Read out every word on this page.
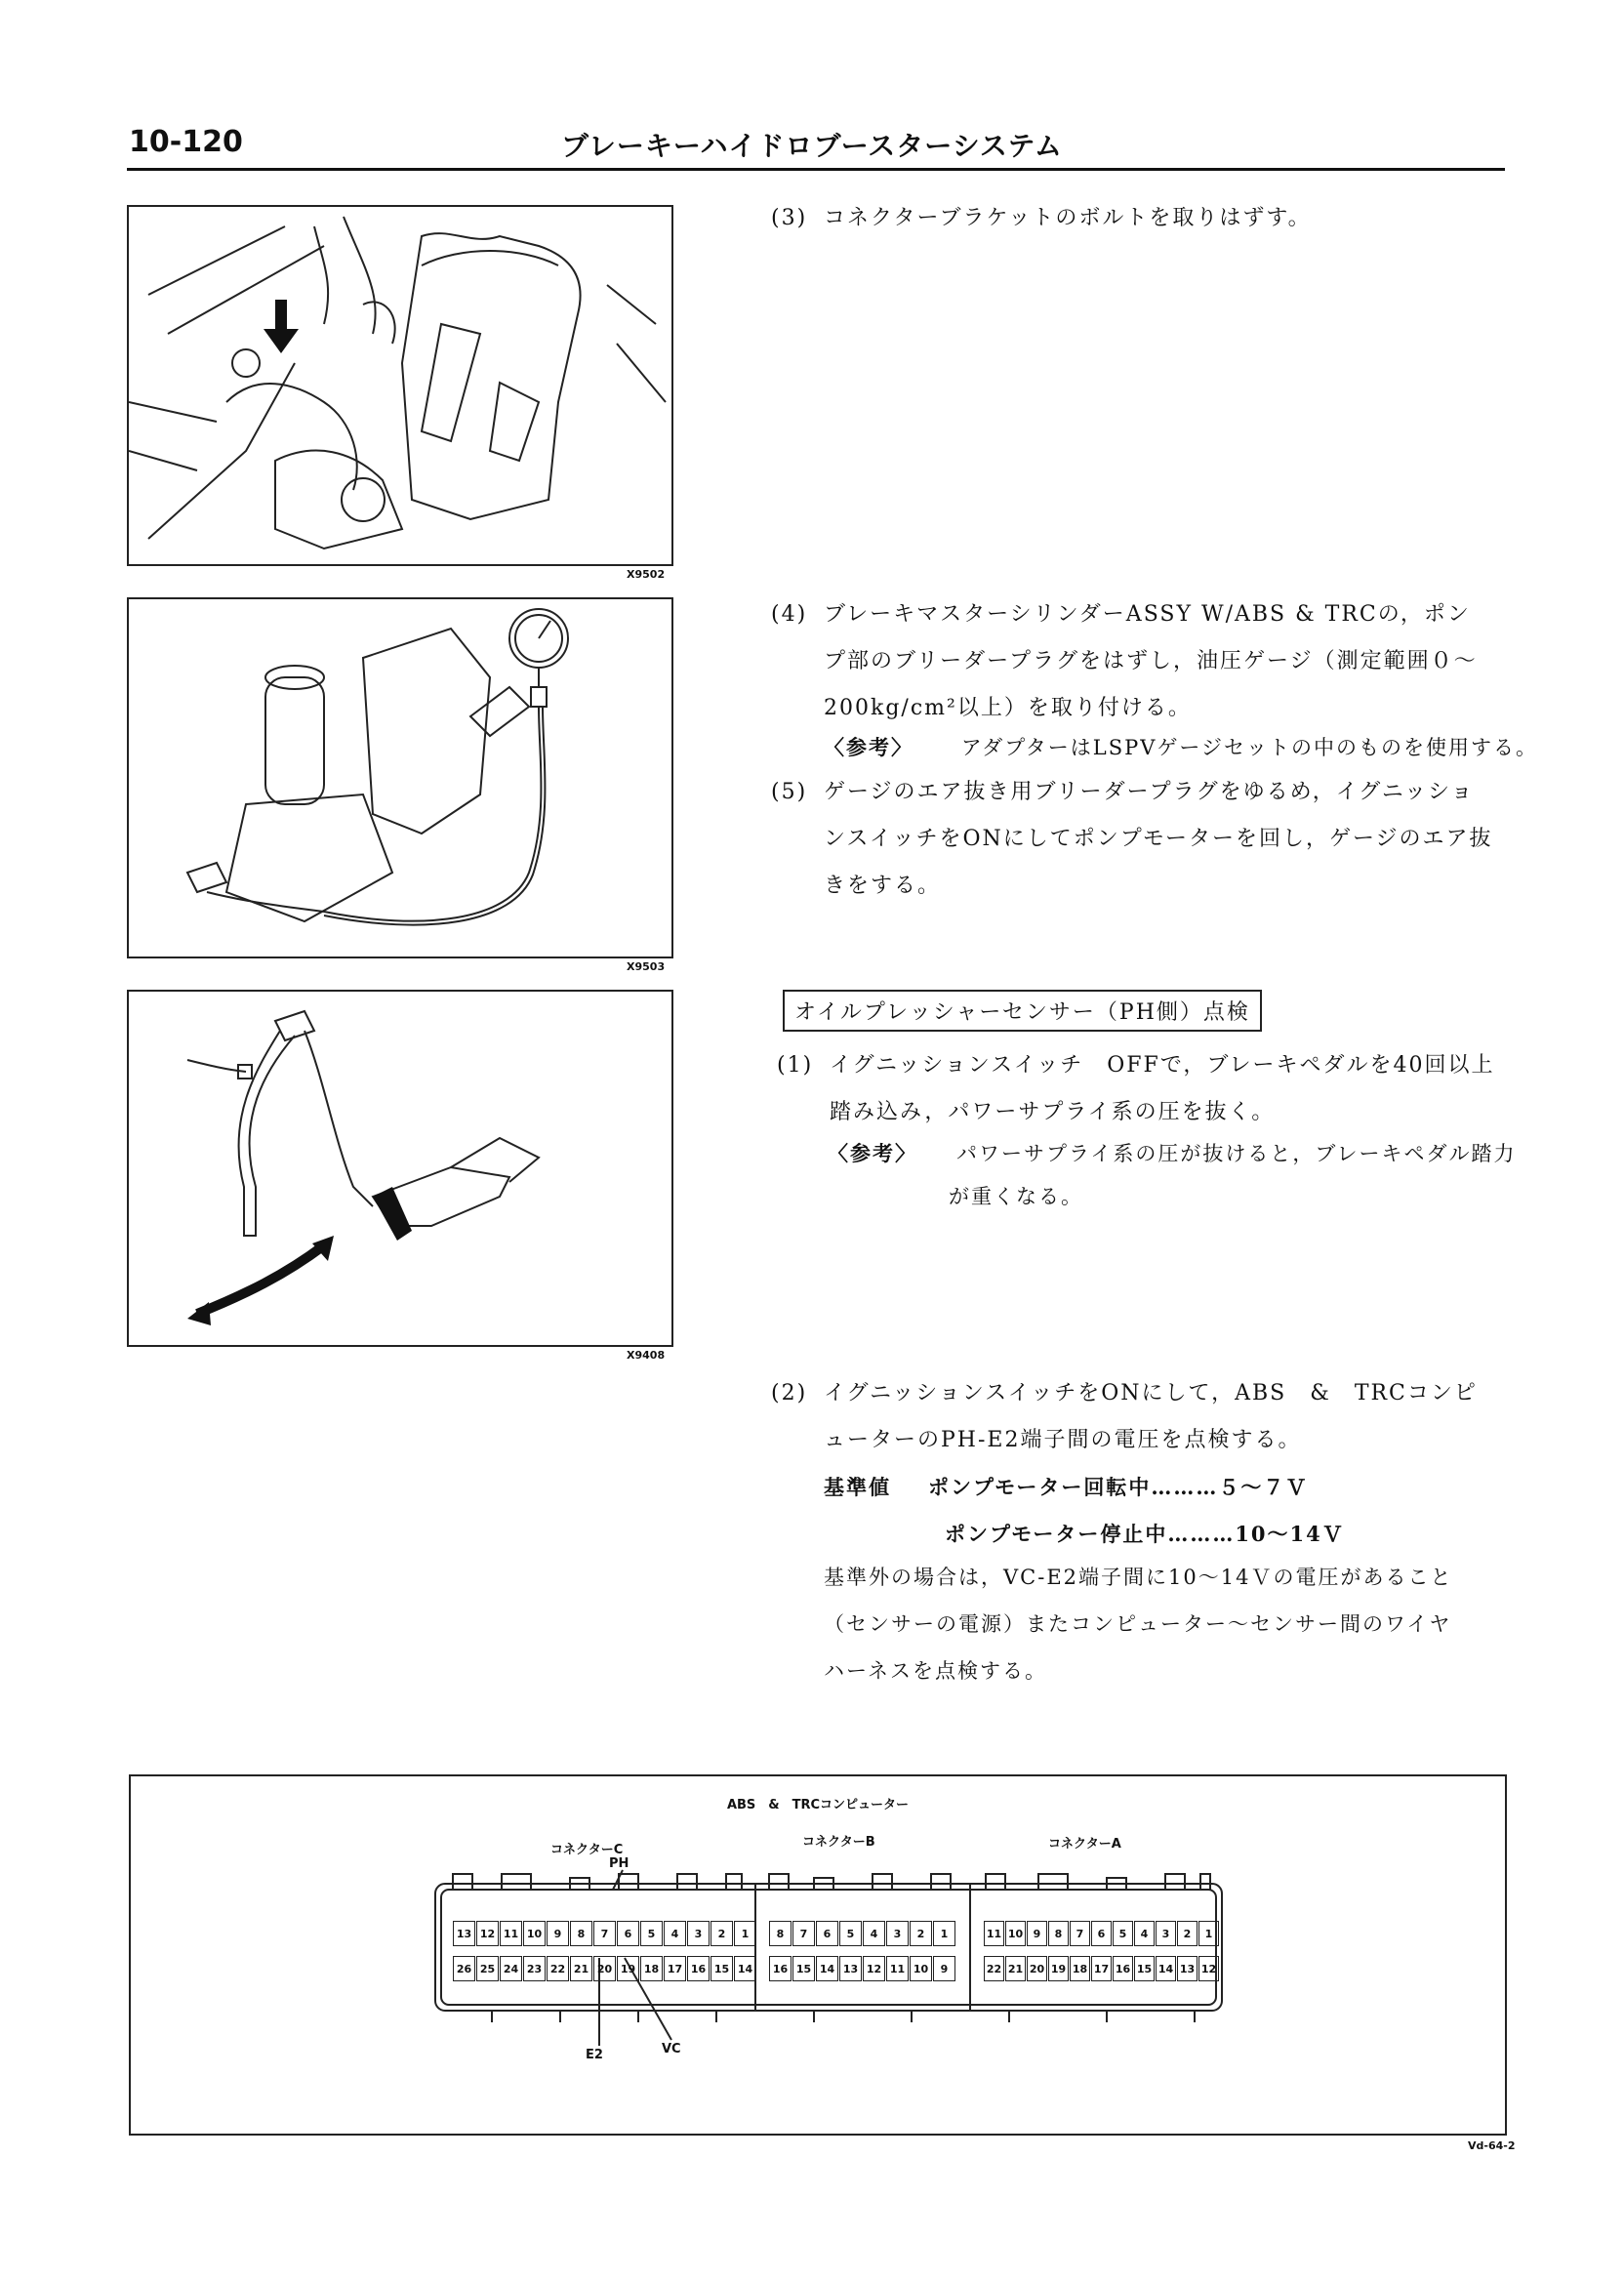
10-120	ブレーキーハイドロブースターシステム
X9502
X9503
X9408
(3) コネクターブラケットのボルトを取りはずす。
(4) ブレーキマスターシリンダーASSY W/ABS & TRCの，ポン
プ部のブリーダープラグをはずし，油圧ゲージ（測定範囲０～
200kg/cm²以上）を取り付ける。
〈参考〉 アダプターはLSPVゲージセットの中のものを使用する。
(5) ゲージのエア抜き用ブリーダープラグをゆるめ，イグニッショ
ンスイッチをONにしてポンプモーターを回し，ゲージのエア抜
きをする。
オイルプレッシャーセンサー（PH側）点検
(1) イグニッションスイッチ　OFFで，ブレーキペダルを40回以上
踏み込み，パワーサプライ系の圧を抜く。
〈参考〉 パワーサプライ系の圧が抜けると，ブレーキペダル踏力
が重くなる。
(2) イグニッションスイッチをONにして，ABS　&　TRCコンピ
ューターのPH-E2端子間の電圧を点検する。
基準値 ポンプモーター回転中………５～７Ｖ
ポンプモーター停止中………10～14Ｖ
基準外の場合は，VC-E2端子間に10～14Ｖの電圧があること
（センサーの電源）またコンピューター～センサー間のワイヤ
ハーネスを点検する。
ABS　&　TRCコンピューター
コネクターC
コネクターB	コネクターA
PH
E2	VC
13 12 11 10	9	8	7	6	5	4	3	2	1
26 25 24 23 22 21 20 19 18 17 16 15 14
8	7	6	5	4	3	2	1
16 15 14 13 12 11 10	9
11 10 9	8	7	6	5	4	3	2	1
22 21 20 19 18 17 16 15 14 13 12
Vd-64-2
